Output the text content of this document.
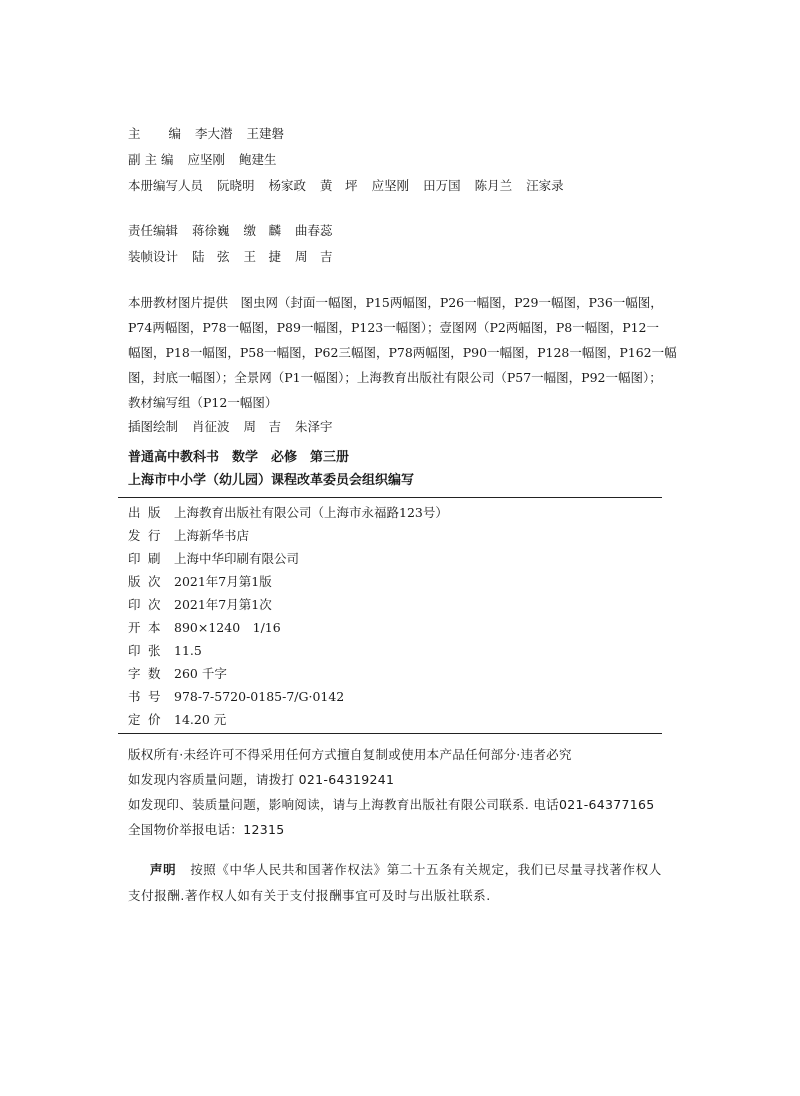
主 编 李大潜 王建磐
副 主 编 应坚刚 鲍建生
本册编写人员 阮晓明 杨家政 黄　坪 应坚刚 田万国 陈月兰 汪家录
责任编辑 蒋徐巍 缴　麟 曲春蕊
装帧设计 陆　弦 王　捷 周　吉
本册教材图片提供　图虫网（封面一幅图，P15两幅图，P26一幅图，P29一幅图，P36一幅图，
P74两幅图，P78一幅图，P89一幅图，P123一幅图）；壹图网（P2两幅图，P8一幅图，P12一
幅图，P18一幅图，P58一幅图，P62三幅图，P78两幅图，P90一幅图，P128一幅图，P162一幅
图，封底一幅图）；全景网（P1一幅图）；上海教育出版社有限公司（P57一幅图，P92一幅图）；
教材编写组（P12一幅图）
插图绘制 肖征波 周　吉 朱泽宇
普通高中教科书　数学　必修　第三册
上海市中小学（幼儿园）课程改革委员会组织编写
出 版 上海教育出版社有限公司（上海市永福路123号）
发 行 上海新华书店
印 刷 上海中华印刷有限公司
版 次 2021年7月第1版
印 次 2021年7月第1次
开 本 890×1240　1/16
印 张 11.5
字 数 260 千字
书 号 978-7-5720-0185-7/G·0142
定 价 14.20 元
版权所有·未经许可不得采用任何方式擅自复制或使用本产品任何部分·违者必究
如发现内容质量问题，请拨打 021-64319241
如发现印、装质量问题，影响阅读，请与上海教育出版社有限公司联系. 电话021-64377165
全国物价举报电话：12315
声明 按照《中华人民共和国著作权法》第二十五条有关规定，我们已尽量寻找著作权人支付报酬.著作权人如有关于支付报酬事宜可及时与出版社联系.
